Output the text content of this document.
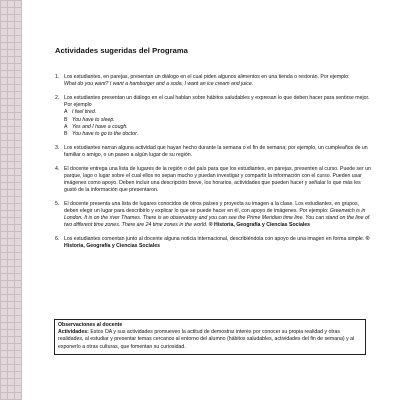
Actividades sugeridas del Programa
1. Los estudiantes, en parejas, presentan un diálogo en el cual piden algunos alimentos en una tienda o restorán. Por ejemplo:
What do you want? I want a hamburger and a soda, I want an ice cream and juice.
2. Los estudiantes presentan un diálogo en el cual hablan sobre hábitos saludables y expresan lo que deben hacer para sentirse mejor. Por ejemplo
A I feel tired.
B You have to sleep.
A Yes and I have a cough.
B You have to go to the doctor.
3. Los estudiantes narran alguna actividad que hayan hecho durante la semana o el fin de semana; por ejemplo, un cumpleaños de un familiar o amigo, o un paseo a algún lugar de su región.
4. El docente entrega una lista de lugares de la región o del país para que los estudiantes, en parejas, presenten al curso. Puede ser un parque, lago o lugar sobre el cual ellos no sepan mucho y puedan investigar y compartir la información con el curso. Pueden usar imágenes como apoyo. Deben incluir una descripción breve, los horarios, actividades que pueden hacer y señalar lo que más les gustó de la información que presentaron.
5. El docente presenta una lista de lugares conocidos de otros países y proyecta su imagen a la clase. Los estudiantes, en grupos, deben elegir un lugar para describirlo y explicar lo que se puede hacer en él, con apoyo de imágenes. Por ejemplo: Greenwich is in London. It is on the river Thames. There is an observatory and you can see the Prime Meridian time line. You can stand on the line of two different time zones. There are 24 time zones in the world. ® Historia, Geografía y Ciencias Sociales
6. Los estudiantes comentan junto al docente alguna noticia internacional, describiéndola con apoyo de una imagen en forma simple. ® Historia, Geografía y Ciencias Sociales
Observaciones al docente
Actividades: Estos OA y sus actividades promueven la actitud de demostrar interés por conocer su propia realidad y otras realidades, al estudiar y presentar temas cercanos al entorno del alumno (hábitos saludables, actividades del fin de semana) y al exponerlo a otras culturas, que fomentan su curiosidad.
